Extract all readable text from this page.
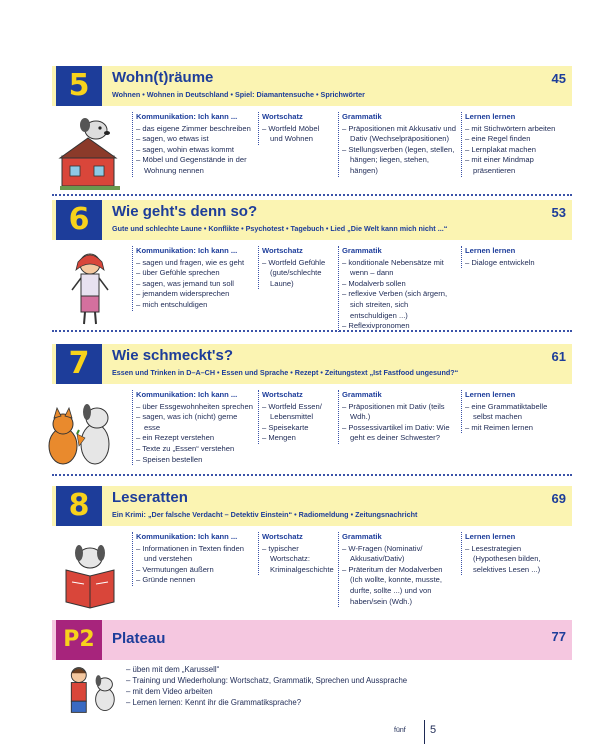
5	Wohn(t)räume
Wohnen • Wohnen in Deutschland • Spiel: Diamantensuche • Sprichwörter
45
Kommunikation: Ich kann ...
– das eigene Zimmer beschreiben
– sagen, wo etwas ist
– sagen, wohin etwas kommt
– Möbel und Gegenstände in der Wohnung nennen
Wortschatz
– Wortfeld Möbel und Wohnen
Grammatik
– Präpositionen mit Akkusativ und Dativ (Wechselpräpositionen)
– Stellungsverben (legen, stellen, hängen; liegen, stehen, hängen)
Lernen lernen
– mit Stichwörtern arbeiten
– eine Regel finden
– Lernplakat machen
– mit einer Mindmap präsentieren
6	Wie geht's denn so?
Gute und schlechte Laune • Konflikte • Psychotest • Tagebuch • Lied „Die Welt kann mich nicht ...“
53
Kommunikation: Ich kann ...
– sagen und fragen, wie es geht
– über Gefühle sprechen
– sagen, was jemand tun soll
– jemandem widersprechen
– mich entschuldigen
Wortschatz
– Wortfeld Gefühle (gute/schlechte Laune)
Grammatik
– konditionale Nebensätze mit wenn – dann
– Modalverb sollen
– reflexive Verben (sich ärgern, sich streiten, sich entschuldigen ...)
– Reflexivpronomen
Lernen lernen
– Dialoge entwickeln
7	Wie schmeckt's?
Essen und Trinken in D–A–CH • Essen und Sprache • Rezept • Zeitungstext „Ist Fastfood ungesund?“
61
Kommunikation: Ich kann ...
– über Essgewohnheiten sprechen
– sagen, was ich (nicht) gerne esse
– ein Rezept verstehen
– Texte zu „Essen“ verstehen
– Speisen bestellen
Wortschatz
– Wortfeld Essen/ Lebensmittel
– Speisekarte
– Mengen
Grammatik
– Präpositionen mit Dativ (teils Wdh.)
– Possessivartikel im Dativ: Wie geht es deiner Schwester?
Lernen lernen
– eine Grammatiktabelle selbst machen
– mit Reimen lernen
8	Leseratten
Ein Krimi: „Der falsche Verdacht – Detektiv Einstein“ • Radiomeldung • Zeitungsnachricht
69
Kommunikation: Ich kann ...
– Informationen in Texten finden und verstehen
– Vermutungen äußern
– Gründe nennen
Wortschatz
– typischer Wortschatz: Kriminalgeschichte
Grammatik
– W-Fragen (Nominativ/ Akkusativ/Dativ)
– Präteritum der Modalverben (Ich wollte, konnte, musste, durfte, sollte ...) und von haben/sein (Wdh.)
Lernen lernen
– Lesestrategien (Hypothesen bilden, selektives Lesen ...)
P2	Plateau	77
– üben mit dem „Karussell“
– Training und Wiederholung: Wortschatz, Grammatik, Sprechen und Aussprache
– mit dem Video arbeiten
– Lernen lernen: Kennt ihr die Grammatiksprache?
fünf 5
